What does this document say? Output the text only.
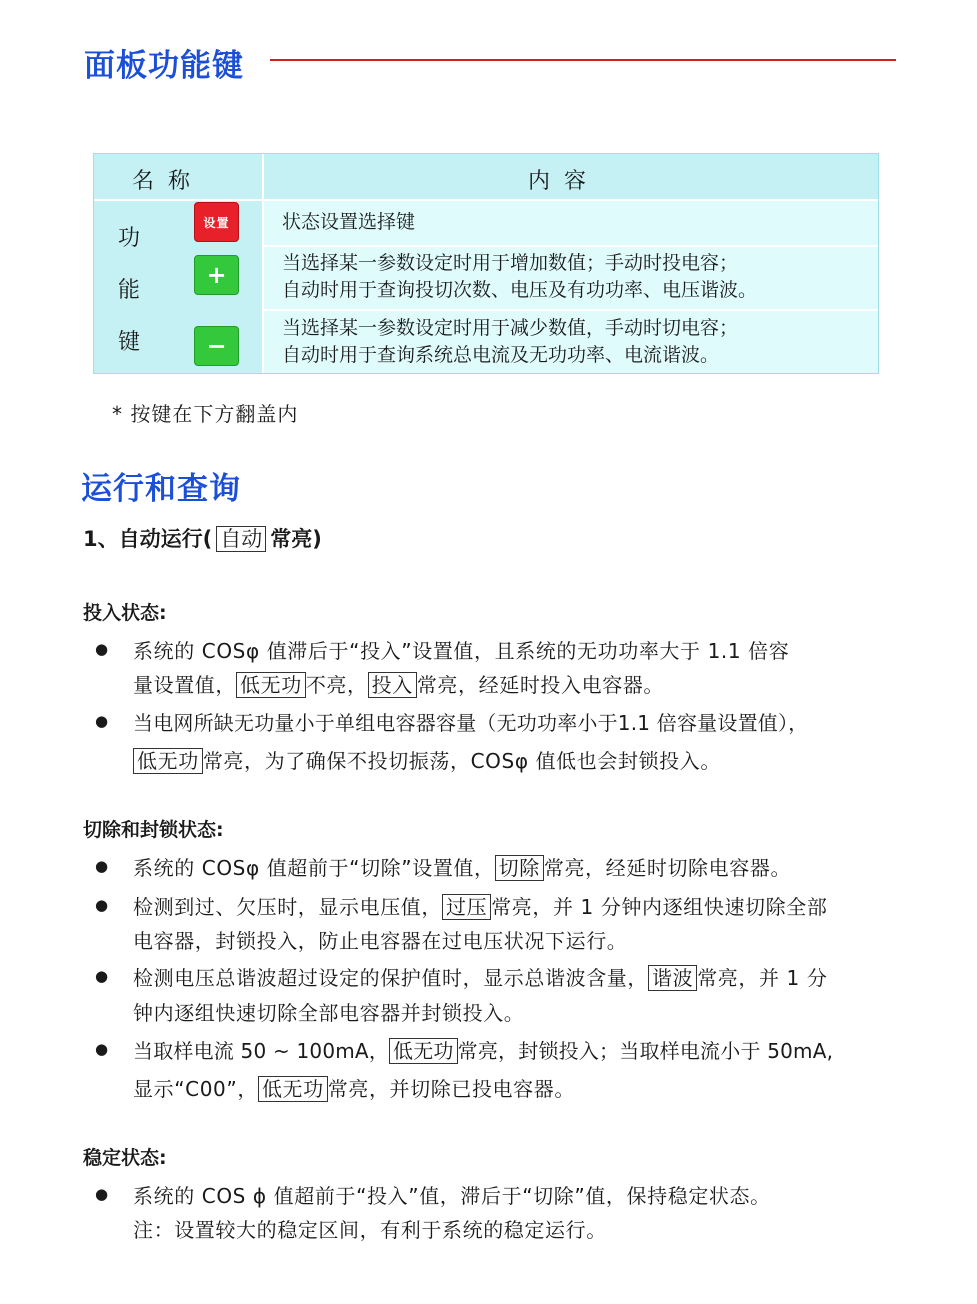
面板功能键
名  称	内  容
功
能
键
设置
+
−
状态设置选择键
当选择某一参数设定时用于增加数值；手动时投电容；
自动时用于查询投切次数、电压及有功功率、电压谐波。
当选择某一参数设定时用于减少数值，手动时切电容；
自动时用于查询系统总电流及无功功率、电流谐波。
* 按键在下方翻盖内
运行和查询
1、自动运行( 自动 常亮)
投入状态:
● 系统的 COSφ 值滞后于“投入”设置值，且系统的无功功率大于 1.1 倍容
量设置值， 低无功 不亮， 投入 常亮，经延时投入电容器。
● 当电网所缺无功量小于单组电容器容量（无功功率小于1.1 倍容量设置值），
低无功 常亮，为了确保不投切振荡，COSφ 值低也会封锁投入。
切除和封锁状态:
● 系统的 COSφ 值超前于“切除”设置值， 切除 常亮，经延时切除电容器。
● 检测到过、欠压时，显示电压值， 过压 常亮，并 1 分钟内逐组快速切除全部
电容器，封锁投入，防止电容器在过电压状况下运行。
● 检测电压总谐波超过设定的保护值时，显示总谐波含量， 谐波 常亮，并 1 分
钟内逐组快速切除全部电容器并封锁投入。
● 当取样电流 50 ~ 100mA， 低无功 常亮，封锁投入；当取样电流小于 50mA,
显示“C00”， 低无功 常亮，并切除已投电容器。
稳定状态:
● 系统的 COS ϕ 值超前于“投入”值，滞后于“切除”值，保持稳定状态。
注：设置较大的稳定区间，有利于系统的稳定运行。
